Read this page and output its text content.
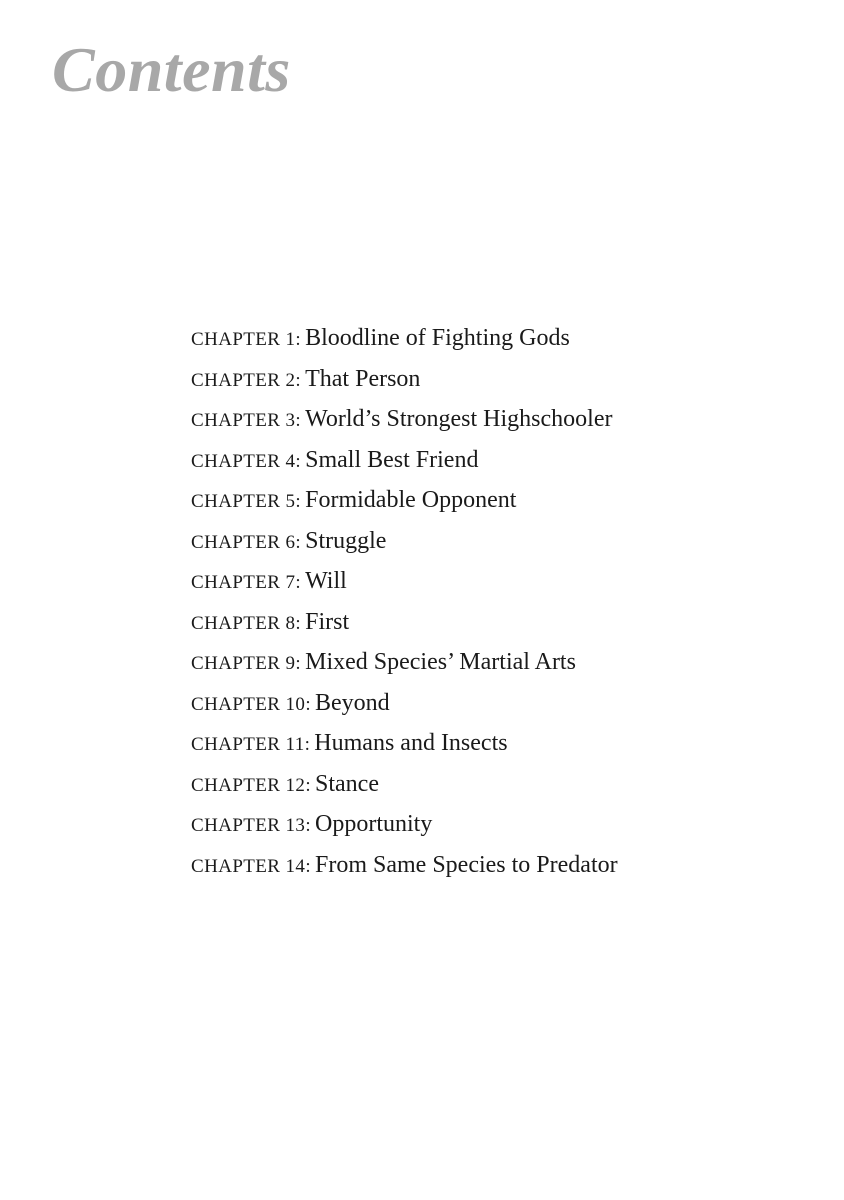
Contents
CHAPTER 1: Bloodline of Fighting Gods
CHAPTER 2: That Person
CHAPTER 3: World’s Strongest Highschooler
CHAPTER 4: Small Best Friend
CHAPTER 5: Formidable Opponent
CHAPTER 6: Struggle
CHAPTER 7: Will
CHAPTER 8: First
CHAPTER 9: Mixed Species’ Martial Arts
CHAPTER 10: Beyond
CHAPTER 11: Humans and Insects
CHAPTER 12: Stance
CHAPTER 13: Opportunity
CHAPTER 14: From Same Species to Predator
